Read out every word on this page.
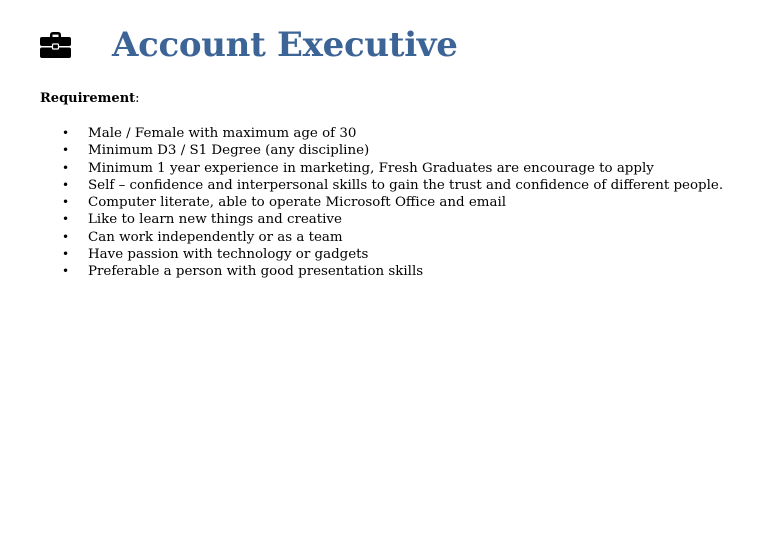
Account Executive
Requirement:
• Male / Female with maximum age of 30
• Minimum D3 / S1 Degree (any discipline)
• Minimum 1 year experience in marketing, Fresh Graduates are encourage to apply
• Self – confidence and interpersonal skills to gain the trust and confidence of different people.
• Computer literate, able to operate Microsoft Office and email
• Like to learn new things and creative
• Can work independently or as a team
• Have passion with technology or gadgets
• Preferable a person with good presentation skills
